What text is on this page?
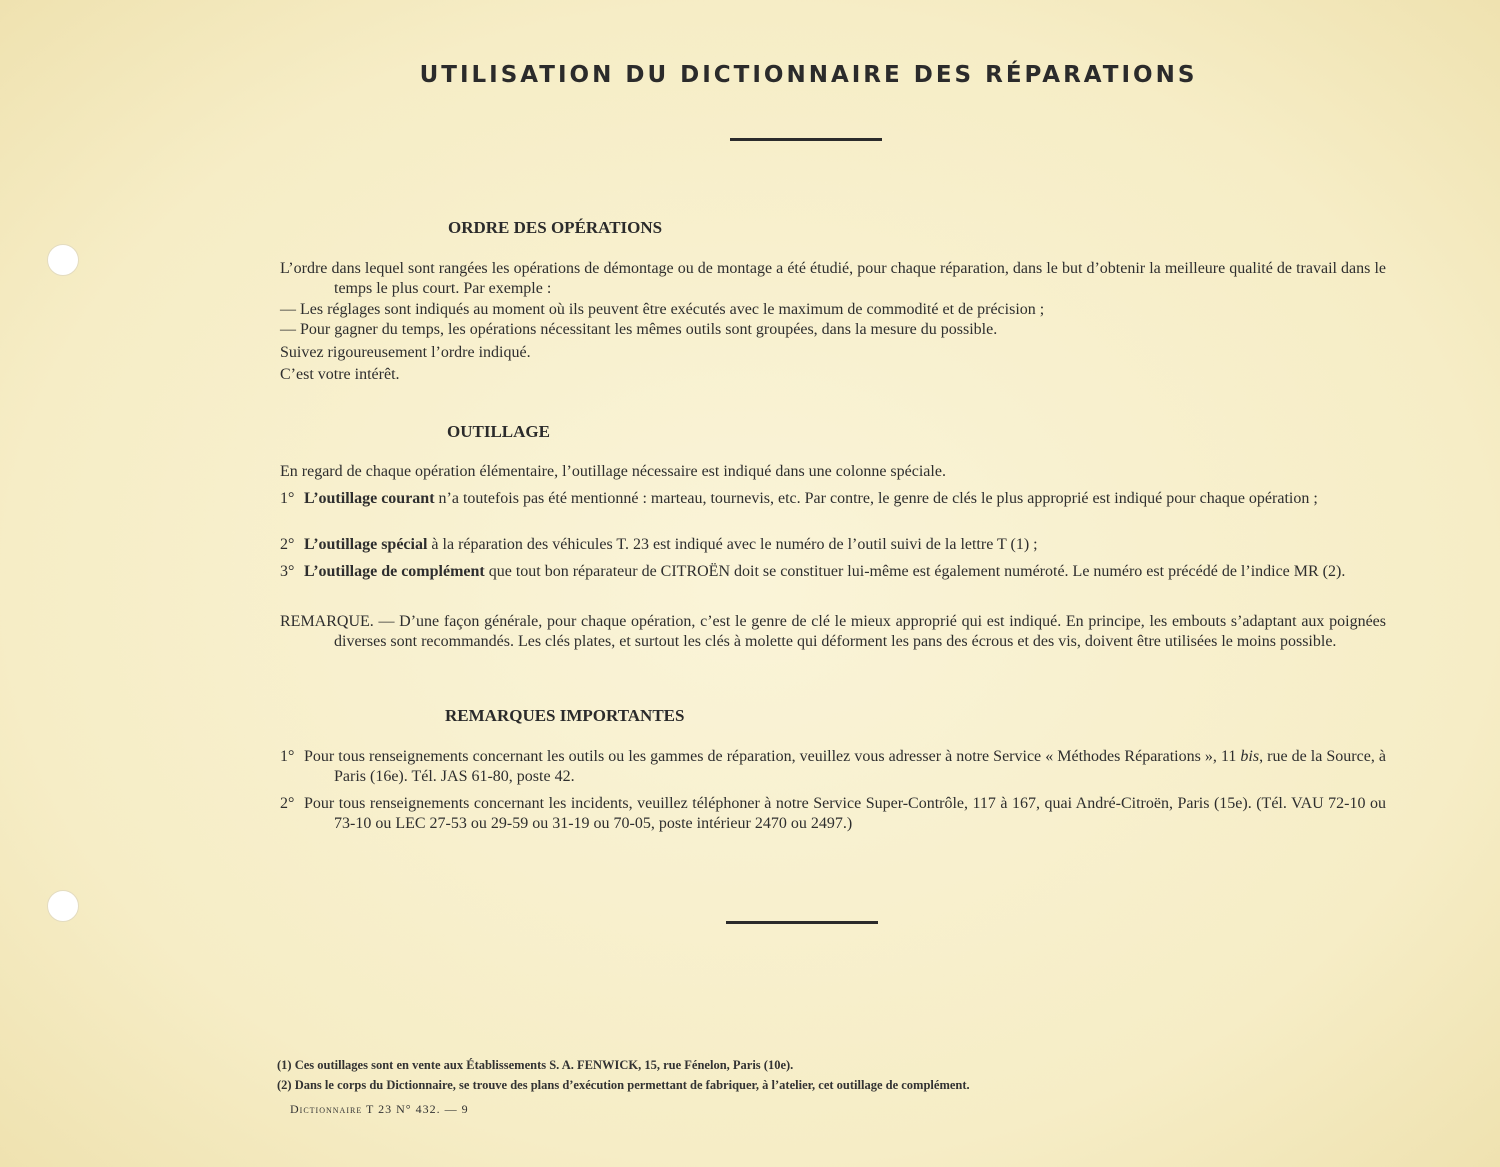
UTILISATION DU DICTIONNAIRE DES RÉPARATIONS
ORDRE DES OPÉRATIONS
L’ordre dans lequel sont rangées les opérations de démontage ou de montage a été étudié, pour chaque réparation, dans le but d’obtenir la meilleure qualité de travail dans le temps le plus court. Par exemple :
— Les réglages sont indiqués au moment où ils peuvent être exécutés avec le maximum de commodité et de précision ;
— Pour gagner du temps, les opérations nécessitant les mêmes outils sont groupées, dans la mesure du possible.
Suivez rigoureusement l’ordre indiqué.
C’est votre intérêt.
OUTILLAGE
En regard de chaque opération élémentaire, l’outillage nécessaire est indiqué dans une colonne spéciale.
1° L’outillage courant n’a toutefois pas été mentionné : marteau, tournevis, etc. Par contre, le genre de clés le plus approprié est indiqué pour chaque opération ;
2° L’outillage spécial à la réparation des véhicules T. 23 est indiqué avec le numéro de l’outil suivi de la lettre T (1) ;
3° L’outillage de complément que tout bon réparateur de CITROËN doit se constituer lui-même est également numéroté. Le numéro est précédé de l’indice MR (2).
REMARQUE. — D’une façon générale, pour chaque opération, c’est le genre de clé le mieux approprié qui est indiqué. En principe, les embouts s’adaptant aux poignées diverses sont recommandés. Les clés plates, et surtout les clés à molette qui déforment les pans des écrous et des vis, doivent être utilisées le moins possible.
REMARQUES IMPORTANTES
1° Pour tous renseignements concernant les outils ou les gammes de réparation, veuillez vous adresser à notre Service « Méthodes Réparations », 11 bis, rue de la Source, à Paris (16e). Tél. JAS 61-80, poste 42.
2° Pour tous renseignements concernant les incidents, veuillez téléphoner à notre Service Super-Contrôle, 117 à 167, quai André-Citroën, Paris (15e). (Tél. VAU 72-10 ou 73-10 ou LEC 27-53 ou 29-59 ou 31-19 ou 70-05, poste intérieur 2470 ou 2497.)
(1) Ces outillages sont en vente aux Établissements S. A. FENWICK, 15, rue Fénelon, Paris (10e).
(2) Dans le corps du Dictionnaire, se trouve des plans d’exécution permettant de fabriquer, à l’atelier, cet outillage de complément.
Dictionnaire T 23 N° 432. — 9
